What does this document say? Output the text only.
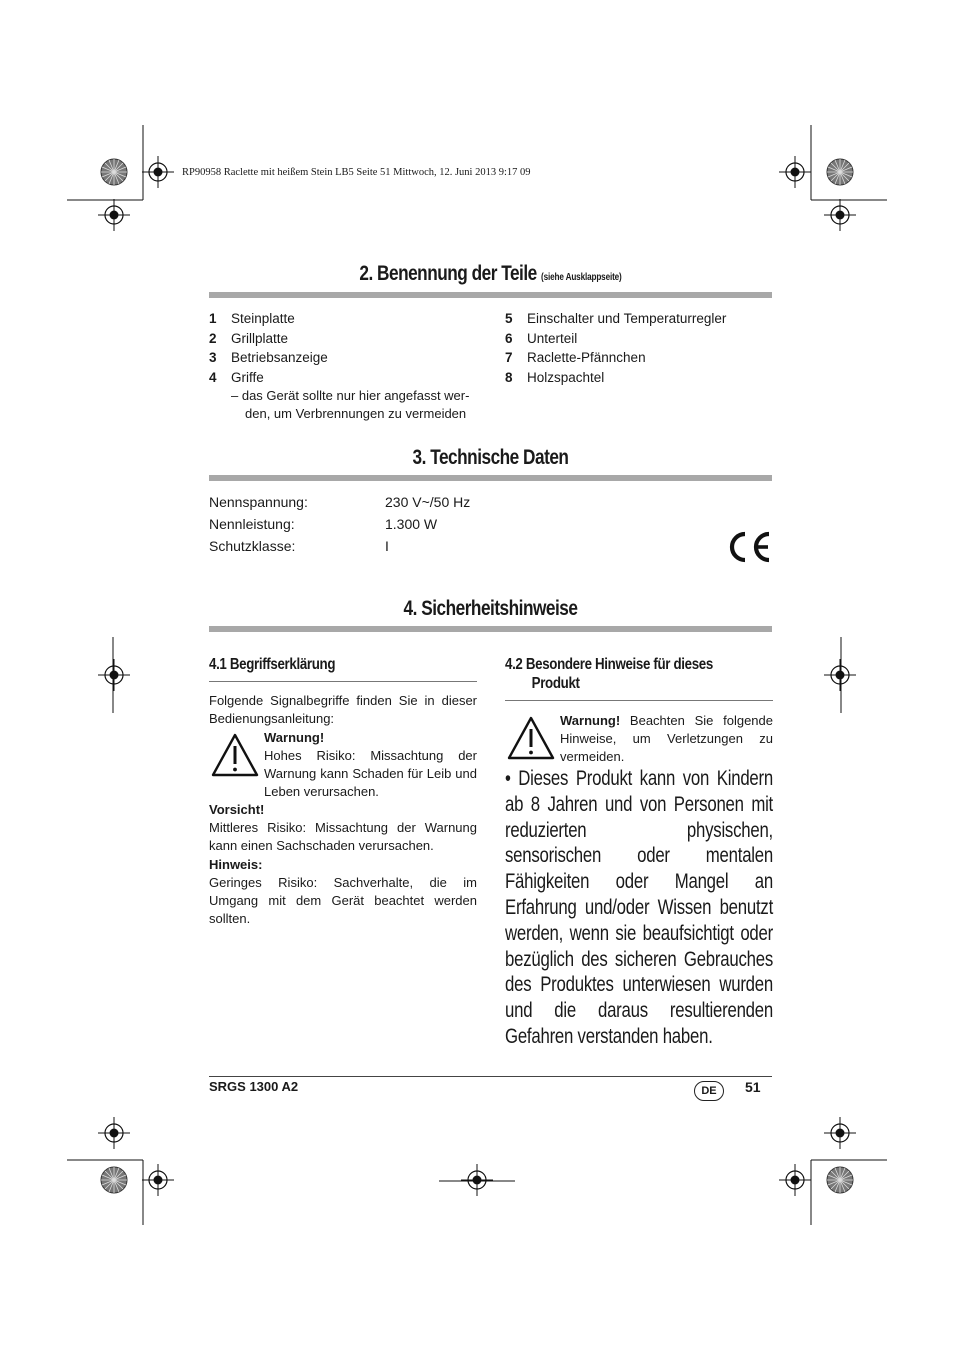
RP90958 Raclette mit heißem Stein LB5 Seite 51 Mittwoch, 12. Juni 2013 9:17 09
2. Benennung der Teile (siehe Ausklappseite)
1	Steinplatte
2	Grillplatte
3	Betriebsanzeige
4	Griffe
– das Gerät sollte nur hier angefasst wer-
den, um Verbrennungen zu vermeiden
5	Einschalter und Temperaturregler
6	Unterteil
7	Raclette-Pfännchen
8	Holzspachtel
3. Technische Daten
Nennspannung:	230 V~/50 Hz
Nennleistung:	1.300 W
Schutzklasse:	I
4. Sicherheitshinweise
4.1 Begriffserklärung
Folgende Signalbegriffe finden Sie in dieser Bedienungsanleitung:
Warnung!
Hohes Risiko: Missachtung der Warnung kann Schaden für Leib und Leben verursachen.
Vorsicht!
Mittleres Risiko: Missachtung der Warnung kann einen Sachschaden verursachen.
Hinweis:
Geringes Risiko: Sachverhalte, die im Umgang mit dem Gerät beachtet werden sollten.
4.2 Besondere Hinweise für dieses
Produkt
Warnung! Beachten Sie folgende Hinweise, um Verletzungen zu vermeiden.
• Dieses Produkt kann von Kindern ab 8 Jahren und von Personen mit reduzierten physischen, sensorischen oder mentalen Fähigkeiten oder Mangel an Erfahrung und/oder Wissen benutzt werden, wenn sie beaufsichtigt oder bezüglich des sicheren Gebrauches des Produktes unterwiesen wurden und die daraus resultierenden Gefahren verstanden haben.
SRGS 1300 A2	DE	51
